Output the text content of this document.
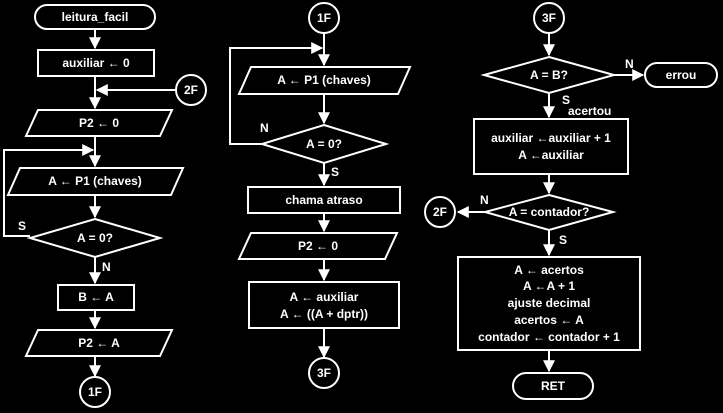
leitura_facil
auxiliar ← 0
2F
P2 ← 0
S
A ← P1 (chaves)
A = 0?
N
B ← A
P2 ← A
1F
1F
N
A ← P1 (chaves)
A = 0?
S
chama atraso
P2 ← 0
A ← auxiliar
A ← ((A + dptr))
3F
3F
A = B?
N
errou
S
acertou
auxiliar ←auxiliar + 1
A ←auxiliar
A = contador?
N
2F
S
A ← acertos
A ←A + 1
ajuste decimal
acertos ← A
contador ← contador + 1
RET
